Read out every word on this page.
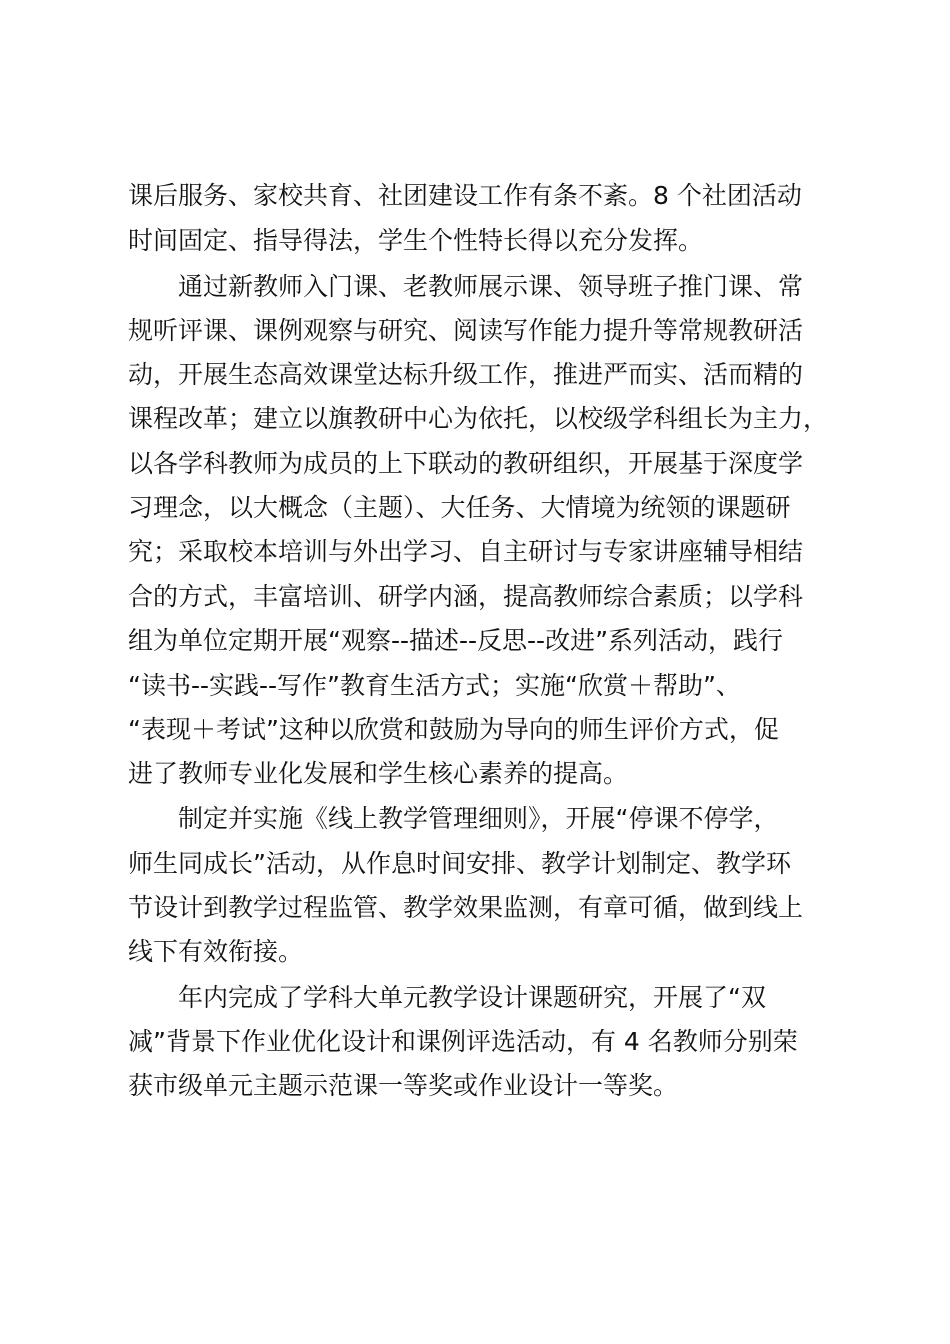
课后服务、家校共育、社团建设工作有条不紊。8 个社团活动

时间固定、指导得法，学生个性特长得以充分发挥。

通过新教师入门课、老教师展示课、领导班子推门课、常

规听评课、课例观察与研究、阅读写作能力提升等常规教研活

动，开展生态高效课堂达标升级工作，推进严而实、活而精的

课程改革；建立以旗教研中心为依托，以校级学科组长为主力，

以各学科教师为成员的上下联动的教研组织，开展基于深度学

习理念，以大概念（主题）、大任务、大情境为统领的课题研

究；采取校本培训与外出学习、自主研讨与专家讲座辅导相结

合的方式，丰富培训、研学内涵，提高教师综合素质；以学科

组为单位定期开展“观察--描述--反思--改进”系列活动，践行

“读书--实践--写作”教育生活方式；实施“欣赏＋帮助”、

“表现＋考试”这种以欣赏和鼓励为导向的师生评价方式，促

进了教师专业化发展和学生核心素养的提高。

制定并实施《线上教学管理细则》，开展“停课不停学，

师生同成长”活动，从作息时间安排、教学计划制定、教学环

节设计到教学过程监管、教学效果监测，有章可循，做到线上

线下有效衔接。

年内完成了学科大单元教学设计课题研究，开展了“双

减”背景下作业优化设计和课例评选活动，有 4 名教师分别荣

获市级单元主题示范课一等奖或作业设计一等奖。
